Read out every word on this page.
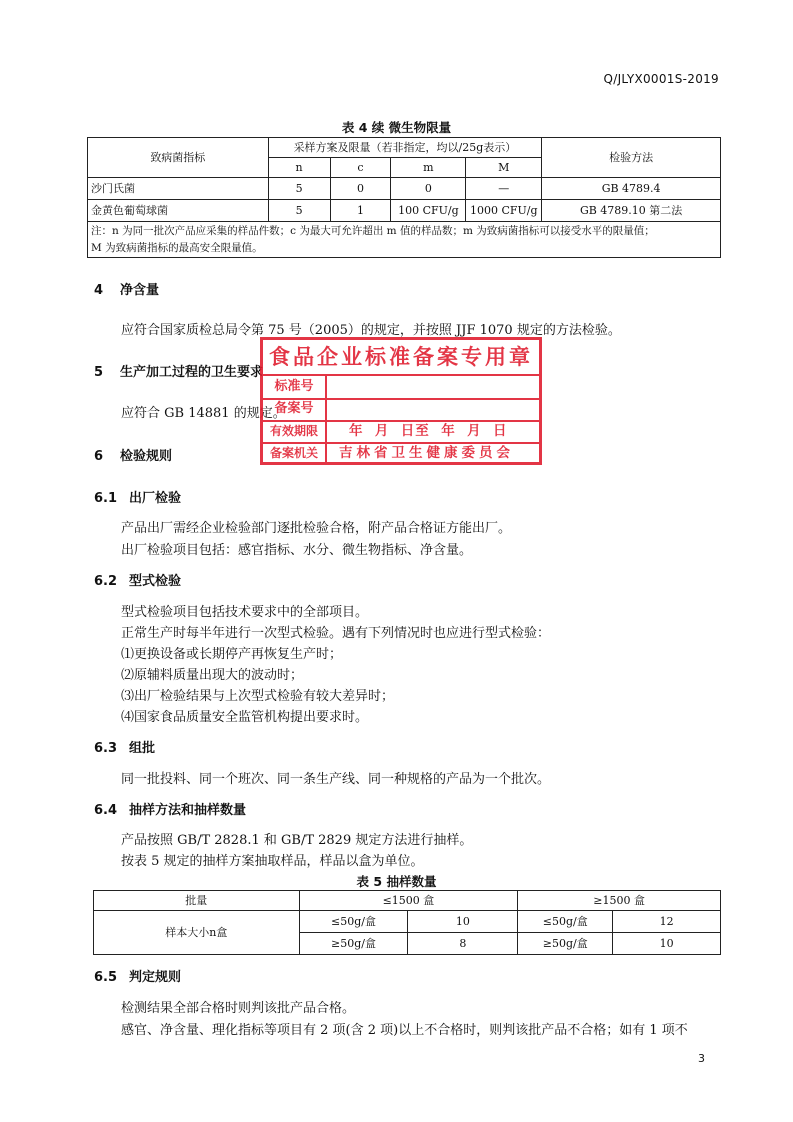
Q/JLYX0001S-2019
表 4 续 微生物限量
致病菌指标	采样方案及限量（若非指定，均以/25g表示）				检验方法
	n	c	m	M	
沙门氏菌	5	0	0	—	GB 4789.4
金黄色葡萄球菌	5	1	100 CFU/g	1000 CFU/g	GB 4789.10 第二法

注：n 为同一批次产品应采集的样品件数；c 为最大可允许超出 m 值的样品数；m 为致病菌指标可以接受水平的限量值；
M 为致病菌指标的最高安全限量值。					
4 净含量
应符合国家质检总局令第 75 号（2005）的规定，并按照 JJF 1070 规定的方法检验。
5 生产加工过程的卫生要求
应符合 GB 14881 的规定。
6 检验规则
6.1 出厂检验
产品出厂需经企业检验部门逐批检验合格，附产品合格证方能出厂。
出厂检验项目包括：感官指标、水分、微生物指标、净含量。
6.2 型式检验
型式检验项目包括技术要求中的全部项目。
正常生产时每半年进行一次型式检验。遇有下列情况时也应进行型式检验：
⑴更换设备或长期停产再恢复生产时；
⑵原辅料质量出现大的波动时；
⑶出厂检验结果与上次型式检验有较大差异时；
⑷国家食品质量安全监管机构提出要求时。
6.3 组批
同一批投料、同一个班次、同一条生产线、同一种规格的产品为一个批次。
6.4 抽样方法和抽样数量
产品按照 GB/T 2828.1 和 GB/T 2829 规定方法进行抽样。
按表 5 规定的抽样方案抽取样品，样品以盒为单位。
表 5 抽样数量
批量	≤1500 盒		≥1500 盒	
样本大小n盒	≤50g/盒	10	≤50g/盒	12
	≥50g/盒	8	≥50g/盒	10
6.5 判定规则
检测结果全部合格时则判该批产品合格。
感官、净含量、理化指标等项目有 2 项(含 2 项)以上不合格时，则判该批产品不合格；如有 1 项不
3
食品企业标准备案专用章
标准号
备案号
有效期限	年  月  日至  年  月  日
备案机关	吉林省卫生健康委员会
